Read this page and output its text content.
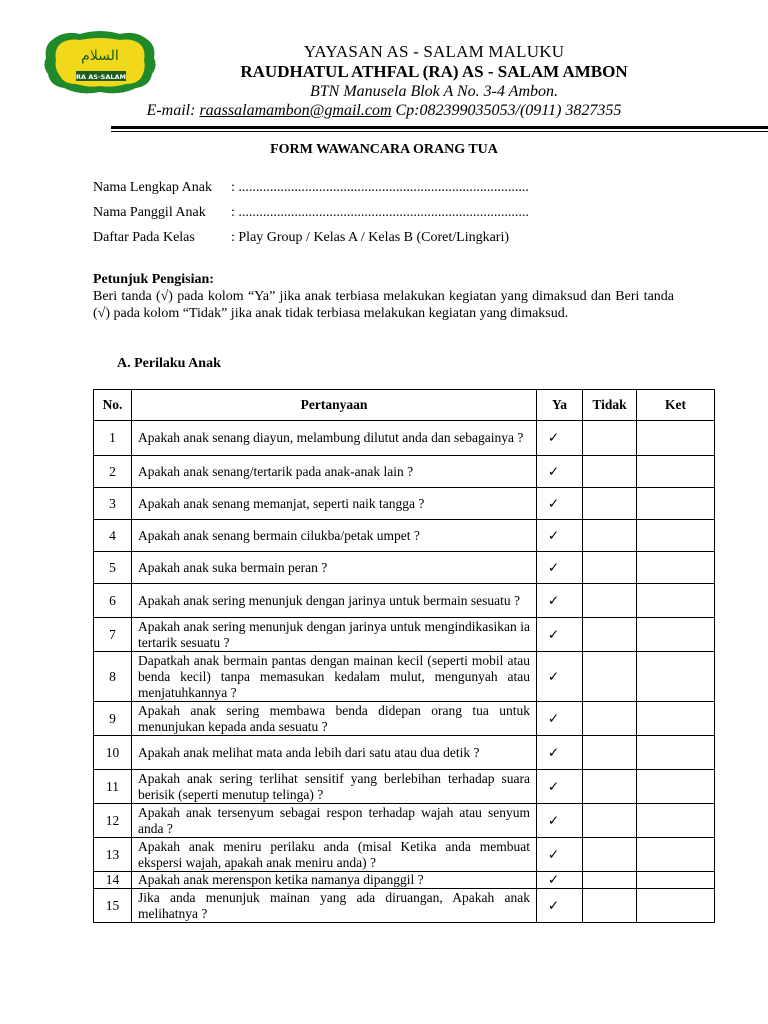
السلام
RA AS-SALAM
YAYASAN AS - SALAM MALUKU
RAUDHATUL ATHFAL (RA) AS - SALAM AMBON
BTN Manusela Blok A No. 3-4 Ambon.
E-mail: raassalamambon@gmail.com Cp:082399035053/(0911) 3827355
FORM WAWANCARA ORANG TUA
Nama Lengkap Anak : ...................................................................................
Nama Panggil Anak : ...................................................................................
Daftar Pada Kelas	: Play Group / Kelas A / Kelas B (Coret/Lingkari)
Petunjuk Pengisian:
Beri tanda (√) pada kolom “Ya” jika anak terbiasa melakukan kegiatan yang dimaksud dan Beri tanda (√) pada kolom “Tidak” jika anak tidak terbiasa melakukan kegiatan yang dimaksud.
A. Perilaku Anak
No.	Pertanyaan	Ya	Tidak	Ket
1	Apakah anak senang diayun, melambung dilutut anda dan sebagainya ?	✓		
2	Apakah anak senang/tertarik pada anak-anak lain ?	✓		
3	Apakah anak senang memanjat, seperti naik tangga ?	✓		
4	Apakah anak senang bermain cilukba/petak umpet ?	✓		
5	Apakah anak suka bermain peran ?	✓		
6	Apakah anak sering menunjuk dengan jarinya untuk bermain sesuatu ?	✓		
7	Apakah anak sering menunjuk dengan jarinya untuk mengindikasikan ia tertarik sesuatu ?	✓		
8	Dapatkah anak bermain pantas dengan mainan kecil (seperti mobil atau benda kecil) tanpa memasukan kedalam mulut, mengunyah atau menjatuhkannya ?	✓		
9	Apakah anak sering membawa benda didepan orang tua untuk menunjukan kepada anda sesuatu ?	✓		
10	Apakah anak melihat mata anda lebih dari satu atau dua detik ?	✓		
11	Apakah anak sering terlihat sensitif yang berlebihan terhadap suara berisik (seperti menutup telinga) ?	✓		
12	Apakah anak tersenyum sebagai respon terhadap wajah atau senyum anda ?	✓		
13	Apakah anak meniru perilaku anda (misal Ketika anda membuat ekspersi wajah, apakah anak meniru anda) ?	✓		
14	Apakah anak merenspon ketika namanya dipanggil ?	✓		
15	Jika anda menunjuk mainan yang ada diruangan, Apakah anak melihatnya ?	✓		
